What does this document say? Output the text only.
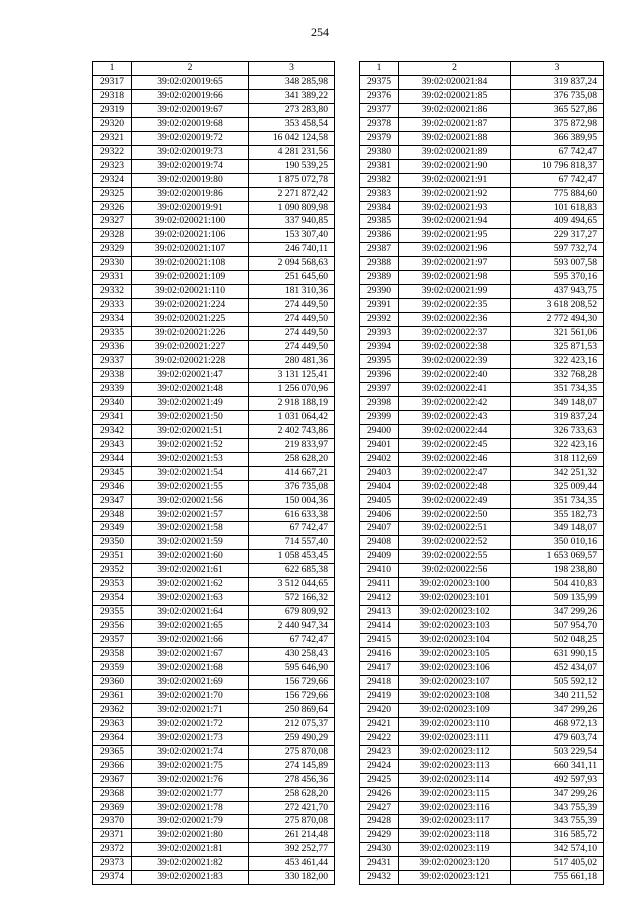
254
1	2	3
29317	39:02:020019:65	348 285,98
29318	39:02:020019:66	341 389,22
29319	39:02:020019:67	273 283,80
29320	39:02:020019:68	353 458,54
29321	39:02:020019:72	16 042 124,58
29322	39:02:020019:73	4 281 231,56
29323	39:02:020019:74	190 539,25
29324	39:02:020019:80	1 875 072,78
29325	39:02:020019:86	2 271 872,42
29326	39:02:020019:91	1 090 809,98
29327	39:02:020021:100	337 940,85
29328	39:02:020021:106	153 307,40
29329	39:02:020021:107	246 740,11
29330	39:02:020021:108	2 094 568,63
29331	39:02:020021:109	251 645,60
29332	39:02:020021:110	181 310,36
29333	39:02:020021:224	274 449,50
29334	39:02:020021:225	274 449,50
29335	39:02:020021:226	274 449,50
29336	39:02:020021:227	274 449,50
29337	39:02:020021:228	280 481,36
29338	39:02:020021:47	3 131 125,41
29339	39:02:020021:48	1 256 070,96
29340	39:02:020021:49	2 918 188,19
29341	39:02:020021:50	1 031 064,42
29342	39:02:020021:51	2 402 743,86
29343	39:02:020021:52	219 833,97
29344	39:02:020021:53	258 628,20
29345	39:02:020021:54	414 667,21
29346	39:02:020021:55	376 735,08
29347	39:02:020021:56	150 004,36
29348	39:02:020021:57	616 633,38
29349	39:02:020021:58	67 742,47
29350	39:02:020021:59	714 557,40
29351	39:02:020021:60	1 058 453,45
29352	39:02:020021:61	622 685,38
29353	39:02:020021:62	3 512 044,65
29354	39:02:020021:63	572 166,32
29355	39:02:020021:64	679 809,92
29356	39:02:020021:65	2 440 947,34
29357	39:02:020021:66	67 742,47
29358	39:02:020021:67	430 258,43
29359	39:02:020021:68	595 646,90
29360	39:02:020021:69	156 729,66
29361	39:02:020021:70	156 729,66
29362	39:02:020021:71	250 869,64
29363	39:02:020021:72	212 075,37
29364	39:02:020021:73	259 490,29
29365	39:02:020021:74	275 870,08
29366	39:02:020021:75	274 145,89
29367	39:02:020021:76	278 456,36
29368	39:02:020021:77	258 628,20
29369	39:02:020021:78	272 421,70
29370	39:02:020021:79	275 870,08
29371	39:02:020021:80	261 214,48
29372	39:02:020021:81	392 252,77
29373	39:02:020021:82	453 461,44
29374	39:02:020021:83	330 182,00
1	2	3
29375	39:02:020021:84	319 837,24
29376	39:02:020021:85	376 735,08
29377	39:02:020021:86	365 527,86
29378	39:02:020021:87	375 872,98
29379	39:02:020021:88	366 389,95
29380	39:02:020021:89	67 742,47
29381	39:02:020021:90	10 796 818,37
29382	39:02:020021:91	67 742,47
29383	39:02:020021:92	775 884,60
29384	39:02:020021:93	101 618,83
29385	39:02:020021:94	409 494,65
29386	39:02:020021:95	229 317,27
29387	39:02:020021:96	597 732,74
29388	39:02:020021:97	593 007,58
29389	39:02:020021:98	595 370,16
29390	39:02:020021:99	437 943,75
29391	39:02:020022:35	3 618 208,52
29392	39:02:020022:36	2 772 494,30
29393	39:02:020022:37	321 561,06
29394	39:02:020022:38	325 871,53
29395	39:02:020022:39	322 423,16
29396	39:02:020022:40	332 768,28
29397	39:02:020022:41	351 734,35
29398	39:02:020022:42	349 148,07
29399	39:02:020022:43	319 837,24
29400	39:02:020022:44	326 733,63
29401	39:02:020022:45	322 423,16
29402	39:02:020022:46	318 112,69
29403	39:02:020022:47	342 251,32
29404	39:02:020022:48	325 009,44
29405	39:02:020022:49	351 734,35
29406	39:02:020022:50	355 182,73
29407	39:02:020022:51	349 148,07
29408	39:02:020022:52	350 010,16
29409	39:02:020022:55	1 653 069,57
29410	39:02:020022:56	198 238,80
29411	39:02:020023:100	504 410,83
29412	39:02:020023:101	509 135,99
29413	39:02:020023:102	347 299,26
29414	39:02:020023:103	507 954,70
29415	39:02:020023:104	502 048,25
29416	39:02:020023:105	631 990,15
29417	39:02:020023:106	452 434,07
29418	39:02:020023:107	505 592,12
29419	39:02:020023:108	340 211,52
29420	39:02:020023:109	347 299,26
29421	39:02:020023:110	468 972,13
29422	39:02:020023:111	479 603,74
29423	39:02:020023:112	503 229,54
29424	39:02:020023:113	660 341,11
29425	39:02:020023:114	492 597,93
29426	39:02:020023:115	347 299,26
29427	39:02:020023:116	343 755,39
29428	39:02:020023:117	343 755,39
29429	39:02:020023:118	316 585,72
29430	39:02:020023:119	342 574,10
29431	39:02:020023:120	517 405,02
29432	39:02:020023:121	755 661,18
